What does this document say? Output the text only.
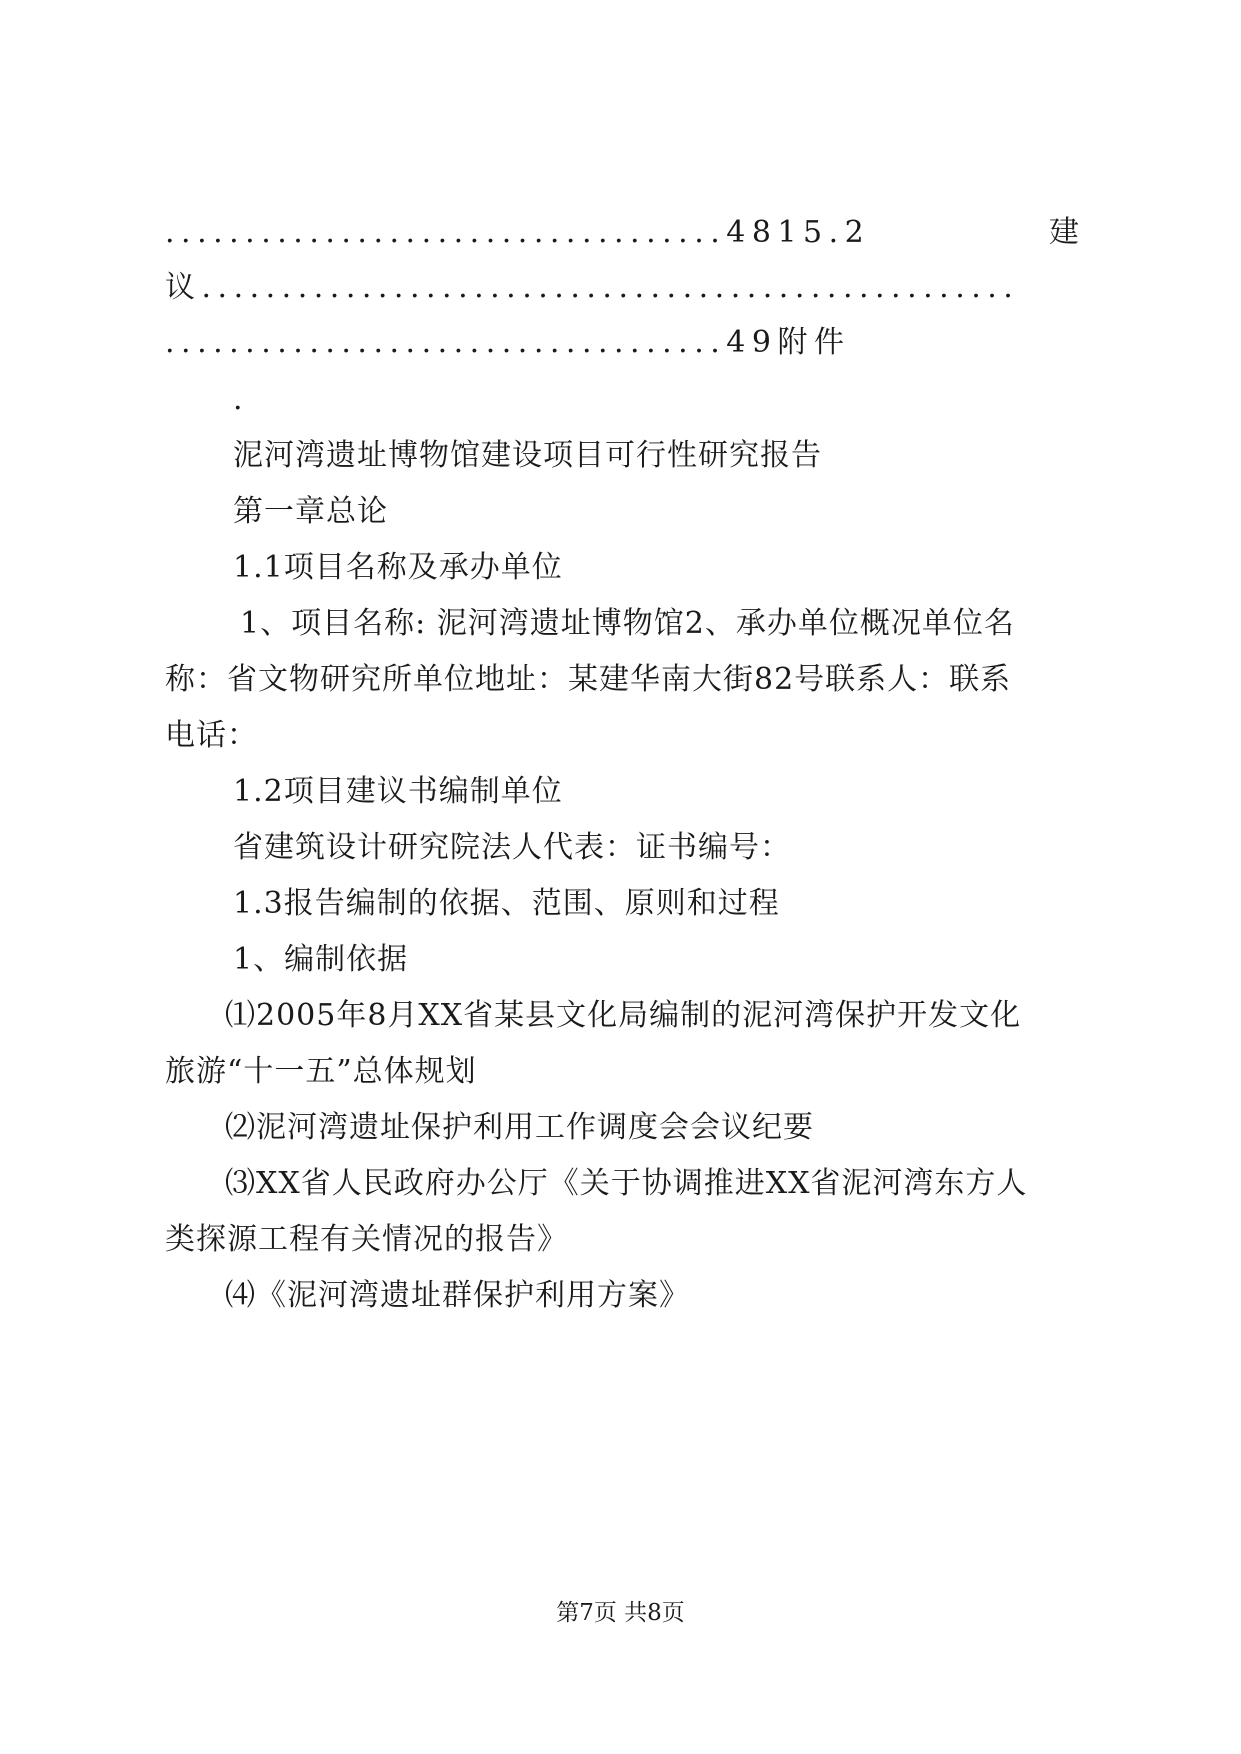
...................................4815.2	建
议...................................................
...................................49附件
.
泥河湾遗址博物馆建设项目可行性研究报告
第一章总论
1.1项目名称及承办单位
1、项目名称: 泥河湾遗址博物馆2、承办单位概况单位名
称：省文物研究所单位地址：某建华南大街82号联系人：联系
电话：
1.2项目建议书编制单位
省建筑设计研究院法人代表：证书编号：
1.3报告编制的依据、范围、原则和过程
1、编制依据
⑴2005年8月XX省某县文化局编制的泥河湾保护开发文化
旅游“十一五”总体规划
⑵泥河湾遗址保护利用工作调度会会议纪要
⑶XX省人民政府办公厅《关于协调推进XX省泥河湾东方人
类探源工程有关情况的报告》
⑷《泥河湾遗址群保护利用方案》
第7页 共8页
